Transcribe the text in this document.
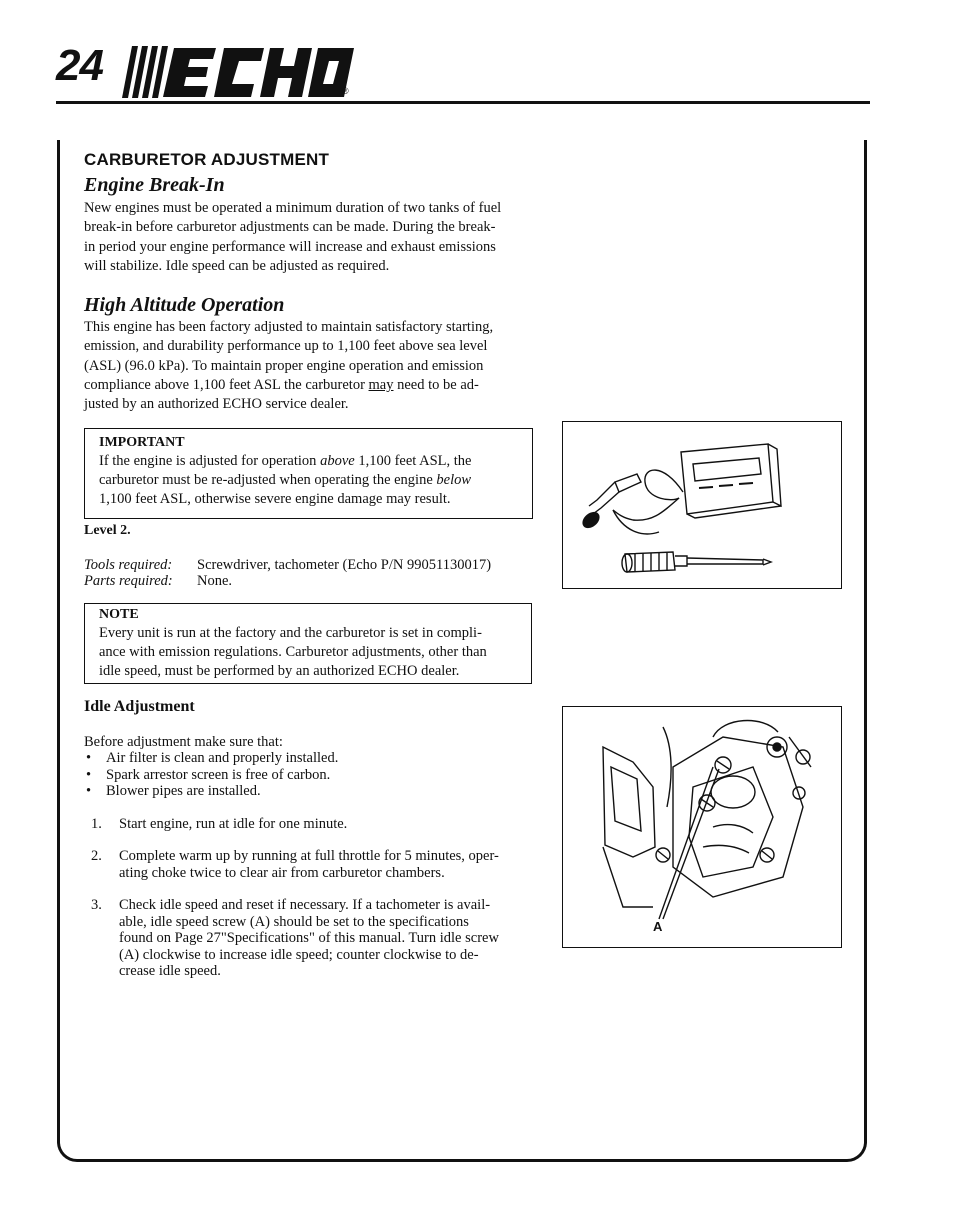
24
®
CARBURETOR ADJUSTMENT
Engine Break-In

New engines must be operated a minimum duration of two tanks of fuel

break-in before carburetor adjustments can be made. During the break-

in period your engine performance will increase and exhaust emissions

will stabilize. Idle speed can be adjusted as required.

High Altitude Operation

This engine has been factory adjusted to maintain satisfactory starting,

emission, and durability performance up to 1,100 feet above sea level

(ASL) (96.0 kPa). To maintain proper engine operation and emission

compliance above 1,100 feet ASL the carburetor may need to be ad-

justed by an authorized ECHO service dealer.

IMPORTANT
If the engine is adjusted for operation above 1,100 feet ASL, the
carburetor must be re-adjusted when operating the engine below
1,100 feet ASL, otherwise severe engine damage may result.
Level 2.
Tools required: Screwdriver, tachometer (Echo P/N 99051130017)
Parts required: None.
NOTE
Every unit is run at the factory and the carburetor is set in compli-
ance with emission regulations. Carburetor adjustments, other than
idle speed, must be performed by an authorized ECHO dealer.
Idle Adjustment
Before adjustment make sure that:
• Air filter is clean and properly installed.
• Spark arrestor screen is free of carbon.
• Blower pipes are installed.
1. Start engine, run at idle for one minute.
2. Complete warm up by running at full throttle for 5 minutes, oper-
ating choke twice to clear air from carburetor chambers.
3. Check idle speed and reset if necessary. If a tachometer is avail-
able, idle speed screw (A) should be set to the specifications
found on Page 27"Specifications" of this manual. Turn idle screw
(A) clockwise to increase idle speed; counter clockwise to de-
crease idle speed.
A
